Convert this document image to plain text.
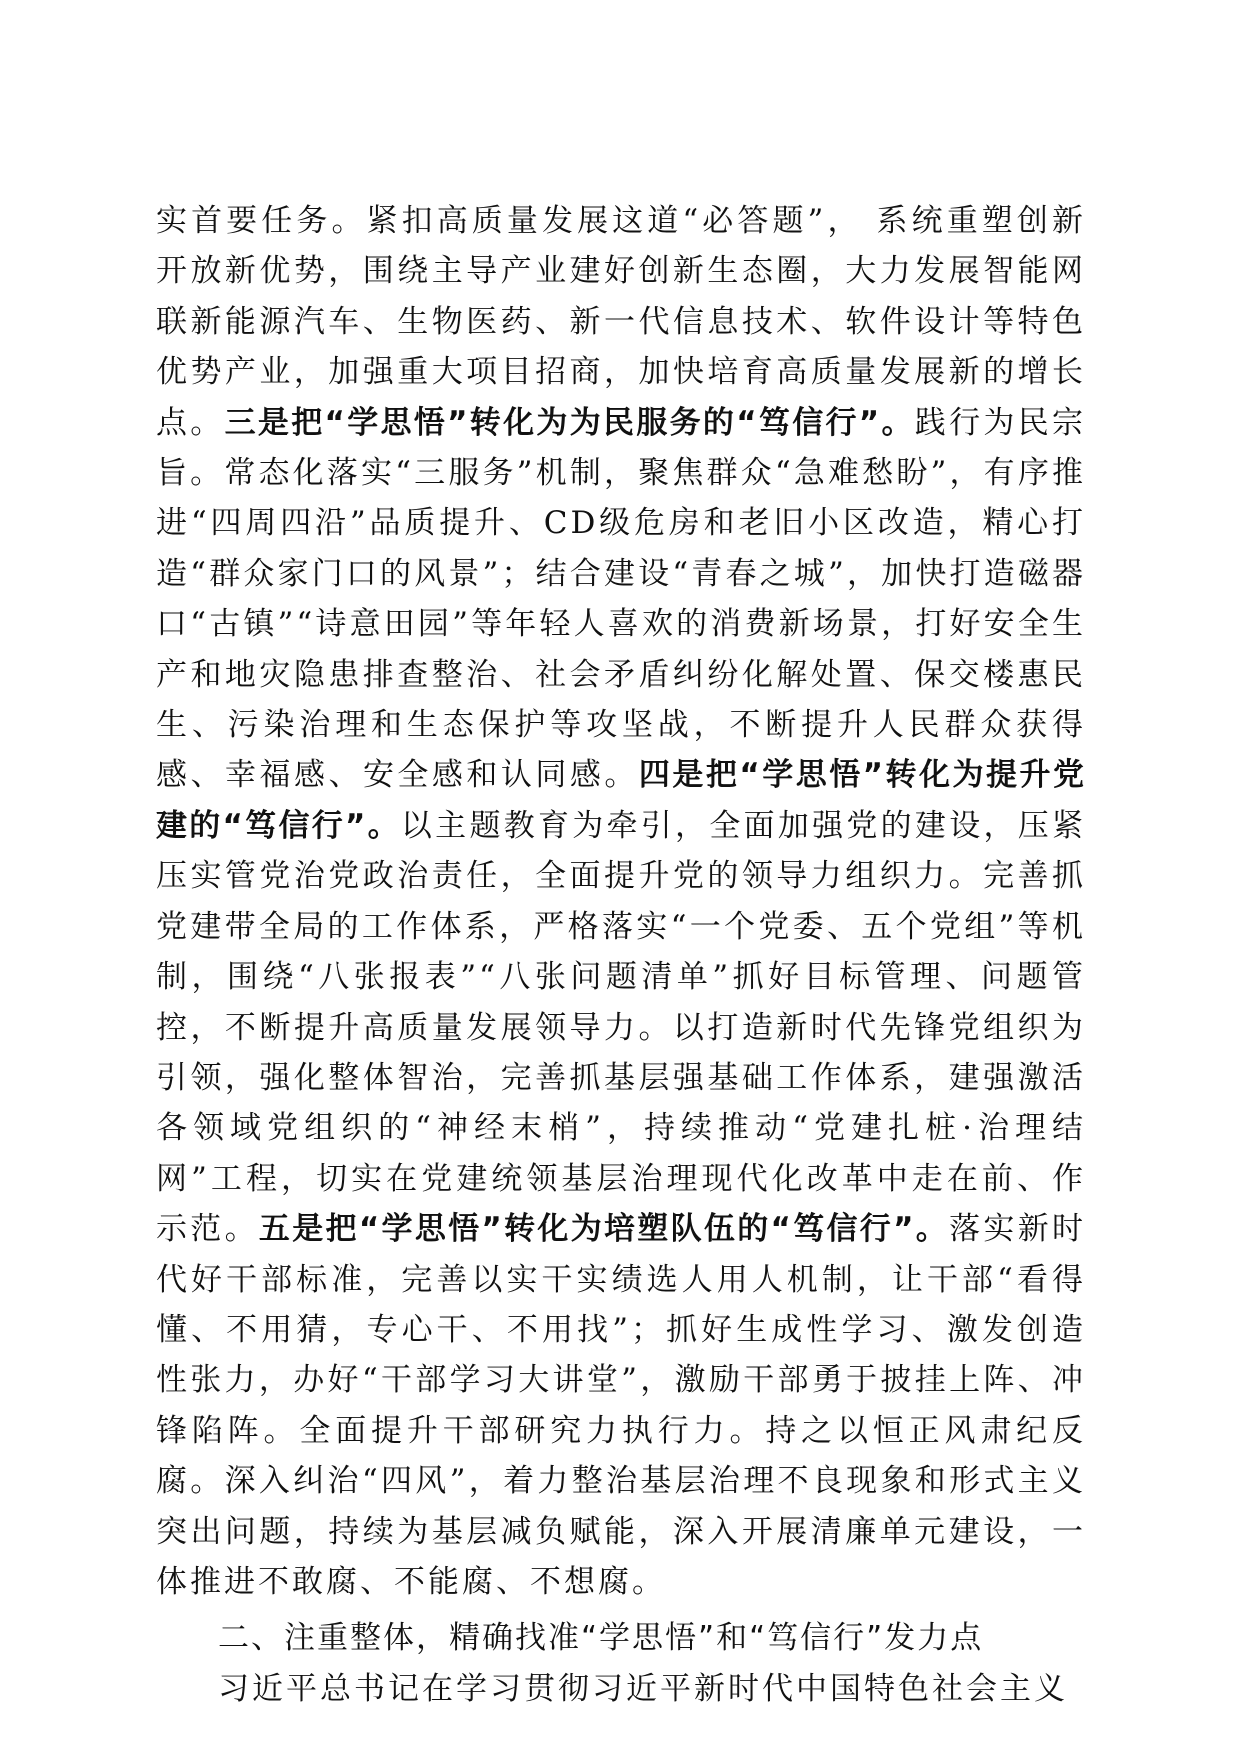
实首要任务。紧扣高质量发展这道“必答题”， 系统重塑创新开放新优势，围绕主导产业建好创新生态圈，大力发展智能网联新能源汽车、生物医药、新一代信息技术、软件设计等特色优势产业，加强重大项目招商，加快培育高质量发展新的增长点。三是把“学思悟”转化为为民服务的“笃信行”。践行为民宗旨。常态化落实“三服务”机制，聚焦群众“急难愁盼”，有序推进“四周四沿”品质提升、CD级危房和老旧小区改造，精心打造“群众家门口的风景”；结合建设“青春之城”，加快打造磁器口“古镇”“诗意田园”等年轻人喜欢的消费新场景，打好安全生产和地灾隐患排查整治、社会矛盾纠纷化解处置、保交楼惠民生、污染治理和生态保护等攻坚战，不断提升人民群众获得感、幸福感、安全感和认同感。四是把“学思悟”转化为提升党建的“笃信行”。以主题教育为牵引，全面加强党的建设，压紧压实管党治党政治责任，全面提升党的领导力组织力。完善抓党建带全局的工作体系，严格落实“一个党委、五个党组”等机制，围绕“八张报表”“八张问题清单”抓好目标管理、问题管控，不断提升高质量发展领导力。以打造新时代先锋党组织为引领，强化整体智治，完善抓基层强基础工作体系，建强激活各领域党组织的“神经末梢”，持续推动“党建扎桩·治理结网”工程，切实在党建统领基层治理现代化改革中走在前、作示范。五是把“学思悟”转化为培塑队伍的“笃信行”。落实新时代好干部标准，完善以实干实绩选人用人机制，让干部“看得懂、不用猜，专心干、不用找”；抓好生成性学习、激发创造性张力，办好“干部学习大讲堂”，激励干部勇于披挂上阵、冲锋陷阵。全面提升干部研究力执行力。持之以恒正风肃纪反腐。深入纠治“四风”，着力整治基层治理不良现象和形式主义突出问题，持续为基层减负赋能，深入开展清廉单元建设，一体推进不敢腐、不能腐、不想腐。

二、注重整体，精确找准“学思悟”和“笃信行”发力点

习近平总书记在学习贯彻习近平新时代中国特色社会主义
